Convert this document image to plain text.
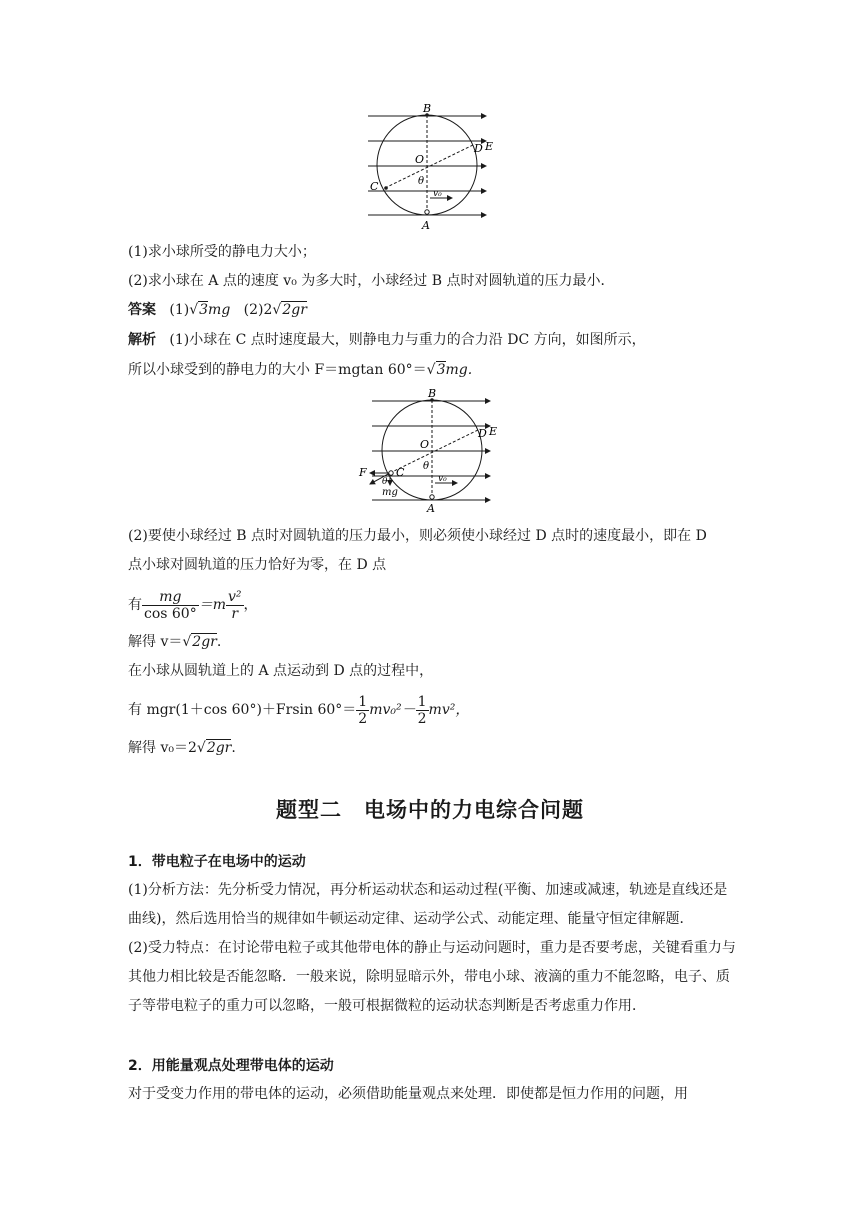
B
D E
O
θ
C
v₀
A
(1)求小球所受的静电力大小；
(2)求小球在 A 点的速度 v₀ 为多大时，小球经过 B 点时对圆轨道的压力最小．
答案 (1)√3mg (2)2√2gr
解析 (1)小球在 C 点时速度最大，则静电力与重力的合力沿 DC 方向，如图所示，
所以小球受到的静电力的大小 F＝mgtan 60°＝√3mg.
B
D E
O
θ
C
F
θ	v₀
mg
A
(2)要使小球经过 B 点时对圆轨道的压力最小，则必须使小球经过 D 点时的速度最小，即在 D
点小球对圆轨道的压力恰好为零，在 D 点
有 $\frac{mg}{\cos 60^\circ} =m \frac{\text{v²}}{r}$ ，
解得 v＝√2gr.
在小球从圆轨道上的 A 点运动到 D 点的过程中，
有 mgr(1＋cos 60°)＋Frsin $60^\circ= \frac{1}{2} mv_0^2- \frac{1}{2} mv^2$，
解得 v₀＝2√2gr.
题型二　电场中的力电综合问题
1．带电粒子在电场中的运动
(1)分析方法：先分析受力情况，再分析运动状态和运动过程(平衡、加速或减速，轨迹是直线还是曲线)，然后选用恰当的规律如牛顿运动定律、运动学公式、动能定理、能量守恒定律解题．
(2)受力特点：在讨论带电粒子或其他带电体的静止与运动问题时，重力是否要考虑，关键看重力与其他力相比较是否能忽略．一般来说，除明显暗示外，带电小球、液滴的重力不能忽略，电子、质子等带电粒子的重力可以忽略，一般可根据微粒的运动状态判断是否考虑重力作用．
2．用能量观点处理带电体的运动
对于受变力作用的带电体的运动，必须借助能量观点来处理．即使都是恒力作用的问题，用
